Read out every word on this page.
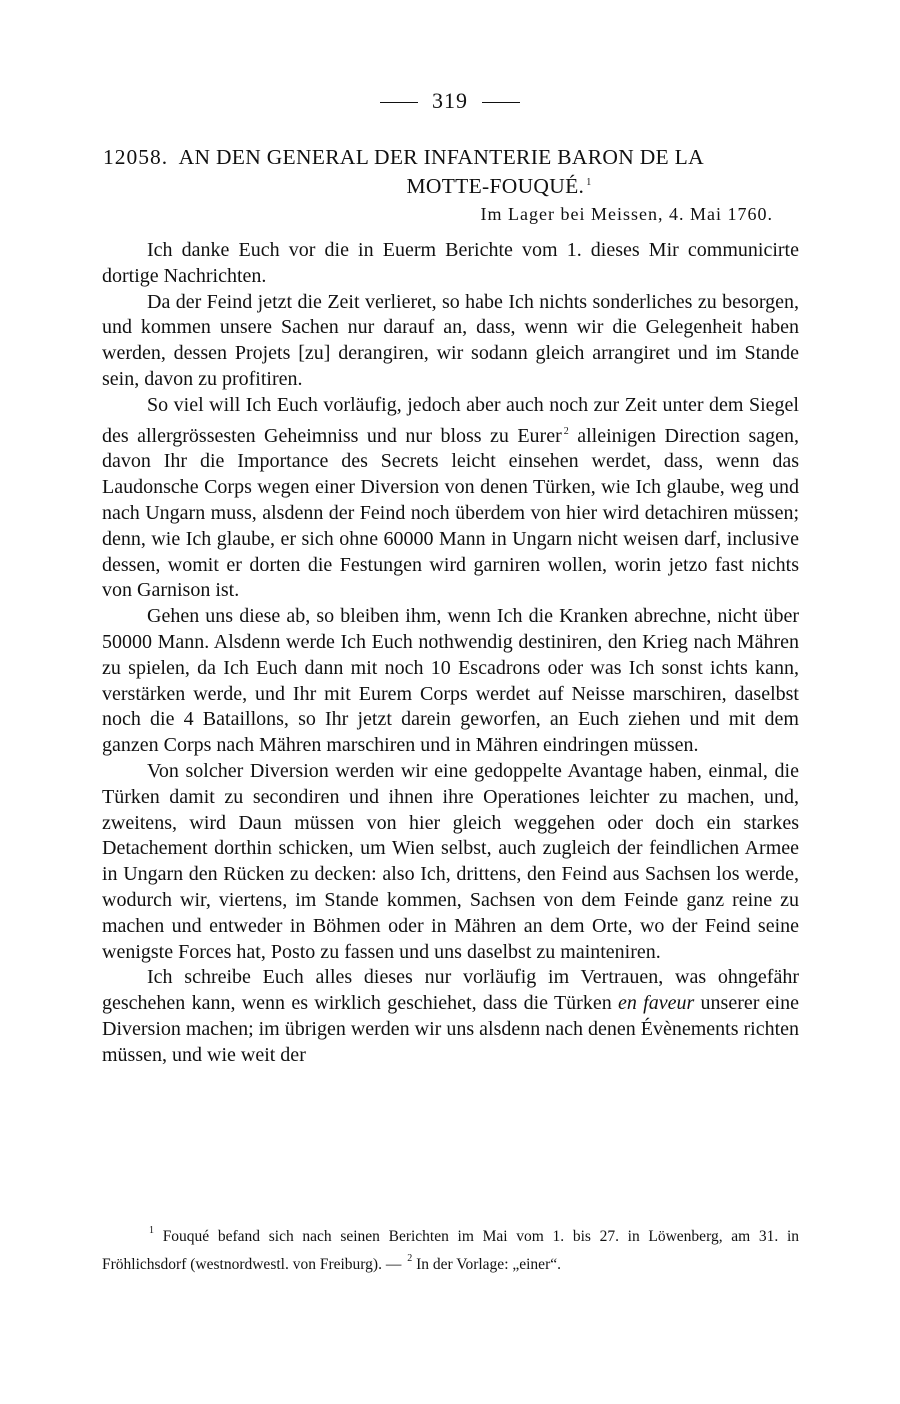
319
12058. AN DEN GENERAL DER INFANTERIE BARON DE LA
MOTTE-FOUQUÉ. $^1$
Im Lager bei Meissen, 4. Mai 1760.

Ich danke Euch vor die in Euerm Berichte vom 1. dieses Mir communicirte dortige Nachrichten.

Da der Feind jetzt die Zeit verlieret, so habe Ich nichts sonderliches zu besorgen, und kommen unsere Sachen nur darauf an, dass, wenn wir die Gelegenheit haben werden, dessen Projets [zu] derangiren, wir sodann gleich arrangiret und im Stande sein, davon zu profitiren.

So viel will Ich Euch vorläufig, jedoch aber auch noch zur Zeit unter dem Siegel des allergrössesten Geheimniss und nur bloss zu Eurer $^2$ alleinigen Direction sagen, davon Ihr die Importance des Secrets leicht einsehen werdet, dass, wenn das Laudonsche Corps wegen einer Diversion von denen Türken, wie Ich glaube, weg und nach Ungarn muss, alsdenn der Feind noch überdem von hier wird detachiren müssen; denn, wie Ich glaube, er sich ohne 60000 Mann in Ungarn nicht weisen darf, inclusive dessen, womit er dorten die Festungen wird garniren wollen, worin jetzo fast nichts von Garnison ist.

Gehen uns diese ab, so bleiben ihm, wenn Ich die Kranken abrechne, nicht über 50000 Mann. Alsdenn werde Ich Euch nothwendig destiniren, den Krieg nach Mähren zu spielen, da Ich Euch dann mit noch 10 Escadrons oder was Ich sonst ichts kann, verstärken werde, und Ihr mit Eurem Corps werdet auf Neisse marschiren, daselbst noch die 4 Bataillons, so Ihr jetzt darein geworfen, an Euch ziehen und mit dem ganzen Corps nach Mähren marschiren und in Mähren eindringen müssen.

Von solcher Diversion werden wir eine gedoppelte Avantage haben, einmal, die Türken damit zu secondiren und ihnen ihre Operationes leichter zu machen, und, zweitens, wird Daun müssen von hier gleich weggehen oder doch ein starkes Detachement dorthin schicken, um Wien selbst, auch zugleich der feindlichen Armee in Ungarn den Rücken zu decken: also Ich, drittens, den Feind aus Sachsen los werde, wodurch wir, viertens, im Stande kommen, Sachsen von dem Feinde ganz reine zu machen und entweder in Böhmen oder in Mähren an dem Orte, wo der Feind seine wenigste Forces hat, Posto zu fassen und uns daselbst zu mainteniren.

Ich schreibe Euch alles dieses nur vorläufig im Vertrauen, was ohngefähr geschehen kann, wenn es wirklich geschiehet, dass die Türken en faveur unserer eine Diversion machen; im übrigen werden wir uns alsdenn nach denen Évènements richten müssen, und wie weit der

$^1$ Fouqué befand sich nach seinen Berichten im Mai vom 1. bis 27. in Löwenberg, am 31. in Fröhlichsdorf (westnordwestl. von Freiburg). — $^2$ In der Vorlage: „einer“.
